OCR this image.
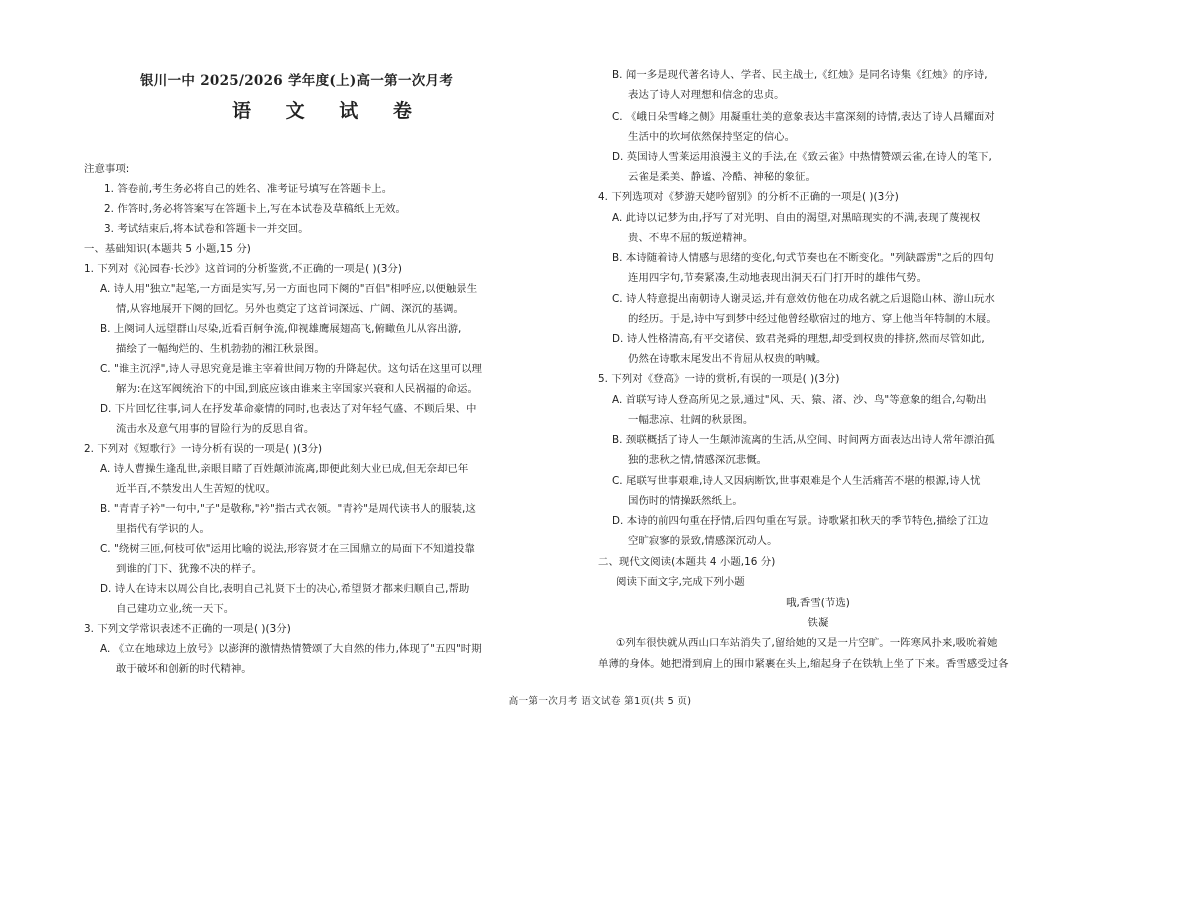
银川一中 2025/2026 学年度(上)高一第一次月考
语 文 试 卷
注意事项:
1. 答卷前,考生务必将自己的姓名、准考证号填写在答题卡上。
2. 作答时,务必将答案写在答题卡上,写在本试卷及草稿纸上无效。
3. 考试结束后,将本试卷和答题卡一并交回。
一、基础知识(本题共 5 小题,15 分)
1. 下列对《沁园春·长沙》这首词的分析鉴赏,不正确的一项是( )(3分)
A. 诗人用"独立"起笔,一方面是实写,另一方面也同下阕的"百侣"相呼应,以便触景生
情,从容地展开下阕的回忆。另外也奠定了这首词深远、广阔、深沉的基调。
B. 上阕词人远望群山尽染,近看百舸争流,仰视雄鹰展翅高飞,俯瞰鱼儿从容出游,
描绘了一幅绚烂的、生机勃勃的湘江秋景图。
C. "谁主沉浮",诗人寻思究竟是谁主宰着世间万物的升降起伏。这句话在这里可以理
解为:在这军阀统治下的中国,到底应该由谁来主宰国家兴衰和人民祸福的命运。
D. 下片回忆往事,词人在抒发革命豪情的同时,也表达了对年轻气盛、不顾后果、中
流击水及意气用事的冒险行为的反思自省。
2. 下列对《短歌行》一诗分析有误的一项是( )(3分)
A. 诗人曹操生逢乱世,亲眼目睹了百姓颠沛流离,即便此刻大业已成,但无奈却已年
近半百,不禁发出人生苦短的忧叹。
B. "青青子衿"一句中,"子"是敬称,"衿"指古式衣领。"青衿"是周代读书人的服装,这
里指代有学识的人。
C. "绕树三匝,何枝可依"运用比喻的说法,形容贤才在三国鼎立的局面下不知道投靠
到谁的门下、犹豫不决的样子。
D. 诗人在诗末以周公自比,表明自己礼贤下士的决心,希望贤才都来归顺自己,帮助
自己建功立业,统一天下。
3. 下列文学常识表述不正确的一项是( )(3分)
A. 《立在地球边上放号》以澎湃的激情热情赞颂了大自然的伟力,体现了"五四"时期
敢于破坏和创新的时代精神。
B. 闻一多是现代著名诗人、学者、民主战士,《红烛》是同名诗集《红烛》的序诗,
表达了诗人对理想和信念的忠贞。
C. 《峨日朵雪峰之侧》用凝重壮美的意象表达丰富深刻的诗情,表达了诗人昌耀面对
生活中的坎坷依然保持坚定的信心。
D. 英国诗人雪莱运用浪漫主义的手法,在《致云雀》中热情赞颂云雀,在诗人的笔下,
云雀是柔美、静谧、冷酷、神秘的象征。
4. 下列选项对《梦游天姥吟留别》的分析不正确的一项是( )(3分)
A. 此诗以记梦为由,抒写了对光明、自由的渴望,对黑暗现实的不满,表现了蔑视权
贵、不卑不屈的叛逆精神。
B. 本诗随着诗人情感与思绪的变化,句式节奏也在不断变化。"列缺霹雳"之后的四句
连用四字句,节奏紧凑,生动地表现出洞天石门打开时的雄伟气势。
C. 诗人特意提出南朝诗人谢灵运,并有意效仿他在功成名就之后退隐山林、游山玩水
的经历。于是,诗中写到梦中经过他曾经歇宿过的地方、穿上他当年特制的木屐。
D. 诗人性格清高,有平交诸侯、致君尧舜的理想,却受到权贵的排挤,然而尽管如此,
仍然在诗歌末尾发出不肯屈从权贵的呐喊。
5. 下列对《登高》一诗的赏析,有误的一项是( )(3分)
A. 首联写诗人登高所见之景,通过"风、天、猿、渚、沙、鸟"等意象的组合,勾勒出
一幅悲凉、壮阔的秋景图。
B. 颈联概括了诗人一生颠沛流离的生活,从空间、时间两方面表达出诗人常年漂泊孤
独的悲秋之情,情感深沉悲慨。
C. 尾联写世事艰难,诗人又因病断饮,世事艰难是个人生活痛苦不堪的根源,诗人忧
国伤时的情操跃然纸上。
D. 本诗的前四句重在抒情,后四句重在写景。诗歌紧扣秋天的季节特色,描绘了江边
空旷寂寥的景致,情感深沉动人。
二、现代文阅读(本题共 4 小题,16 分)
阅读下面文字,完成下列小题
哦,香雪(节选)
铁凝
①列车很快就从西山口车站消失了,留给她的又是一片空旷。一阵寒风扑来,吸吮着她
单薄的身体。她把滑到肩上的围巾紧裹在头上,缩起身子在铁轨上坐了下来。香雪感受过各
高一第一次月考 语文试卷 第1页(共 5 页)
